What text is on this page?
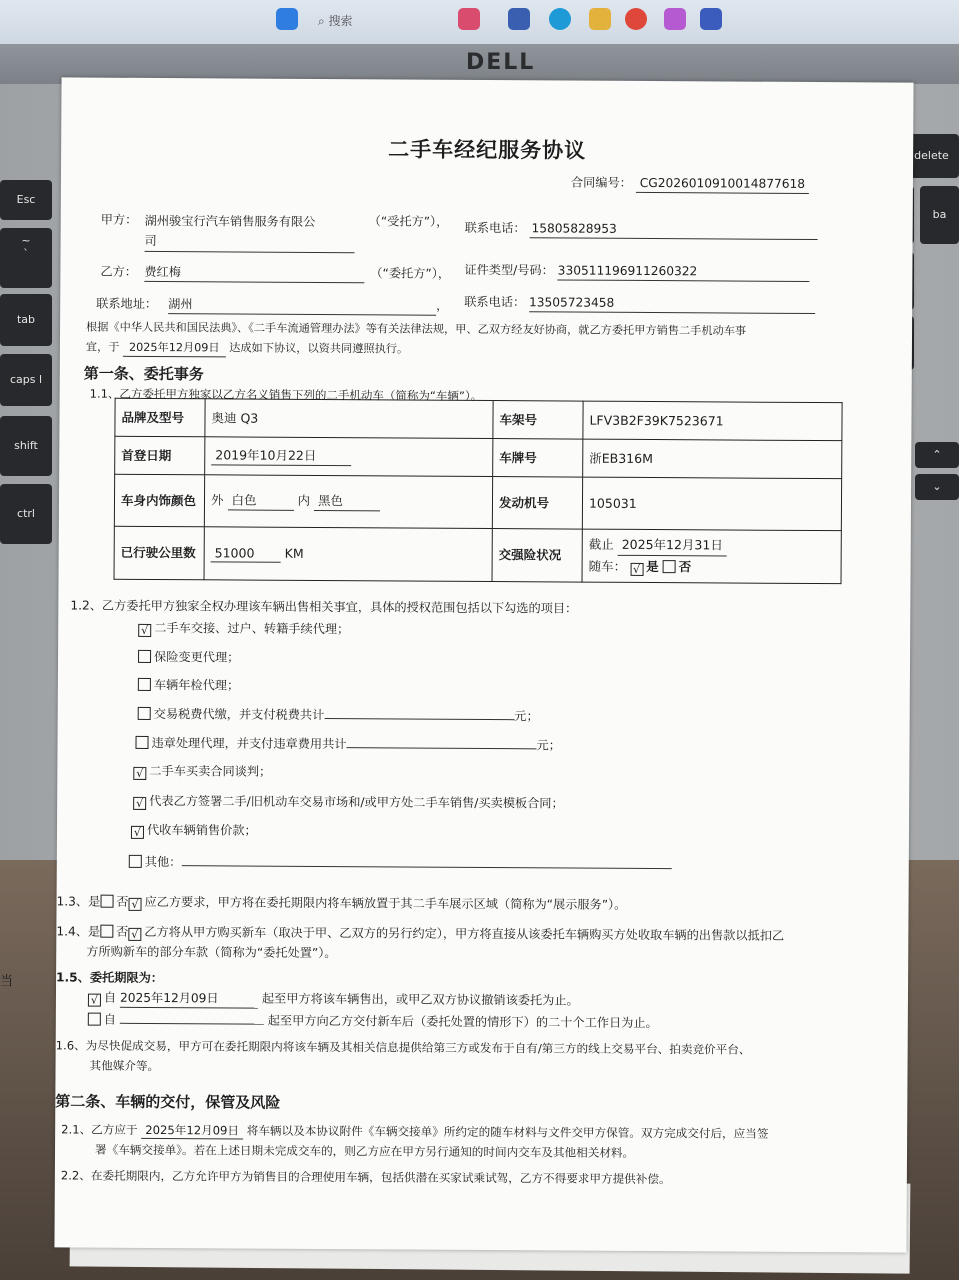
⌕ 搜索
DELL
Esc
~
`
tab
caps l
shift
ctrl
当
delete
ba
⌃
⌄
二手车经纪服务协议
合同编号： CG2026010910014877618
甲方： 湖州骏宝行汽车销售服务有限公
司
（“受托方”）， 联系电话： 15805828953
乙方： 费红梅	（“委托方”）， 证件类型/号码： 330511196911260322
联系地址： 湖州	， 联系电话： 13505723458
根据《中华人民共和国民法典》、《二手车流通管理办法》等有关法律法规，甲、乙双方经友好协商，就乙方委托甲方销售二手机动车事
宜，于 2025年12月09日 达成如下协议，以资共同遵照执行。
第一条、委托事务
1.1、乙方委托甲方独家以乙方名义销售下列的二手机动车（简称为“车辆”）。
品牌及型号	奥迪 Q3	车架号	LFV3B2F39K7523671
首登日期	2019年10月22日	车牌号	浙EB316M
车身内饰颜色	外 白色 内 黑色	发动机号	105031
已行驶公里数	51000 KM	交强险状况	截止 2025年12月31日
随车： √ 是 否
1.2、乙方委托甲方独家全权办理该车辆出售相关事宜，具体的授权范围包括以下勾选的项目：
√ 二手车交接、过户、转籍手续代理；
保险变更代理；
车辆年检代理；
交易税费代缴，并支付税费共计	元；
违章处理代理，并支付违章费用共计	元；
√ 二手车买卖合同谈判；
√ 代表乙方签署二手/旧机动车交易市场和/或甲方处二手车销售/买卖模板合同；
√ 代收车辆销售价款；
其他：
1.3、是 否 √ 应乙方要求，甲方将在委托期限内将车辆放置于其二手车展示区域（简称为“展示服务”）。
1.4、是 否 √ 乙方将从甲方购买新车（取决于甲、乙双方的另行约定），甲方将直接从该委托车辆购买方处收取车辆的出售款以抵扣乙
方所购新车的部分车款（简称为“委托处置”）。
1.5、委托期限为：
√ 自 2025年12月09日	起至甲方将该车辆售出，或甲乙双方协议撤销该委托为止。
自	起至甲方向乙方交付新车后（委托处置的情形下）的二十个工作日为止。
1.6、为尽快促成交易，甲方可在委托期限内将该车辆及其相关信息提供给第三方或发布于自有/第三方的线上交易平台、拍卖竞价平台、
其他媒介等。
第二条、车辆的交付，保管及风险
2.1、乙方应于 2025年12月09日 将车辆以及本协议附件《车辆交接单》所约定的随车材料与文件交甲方保管。双方完成交付后，应当签
署《车辆交接单》。若在上述日期未完成交车的，则乙方应在甲方另行通知的时间内交车及其他相关材料。
2.2、在委托期限内，乙方允许甲方为销售目的合理使用车辆，包括供潜在买家试乘试驾，乙方不得要求甲方提供补偿。
